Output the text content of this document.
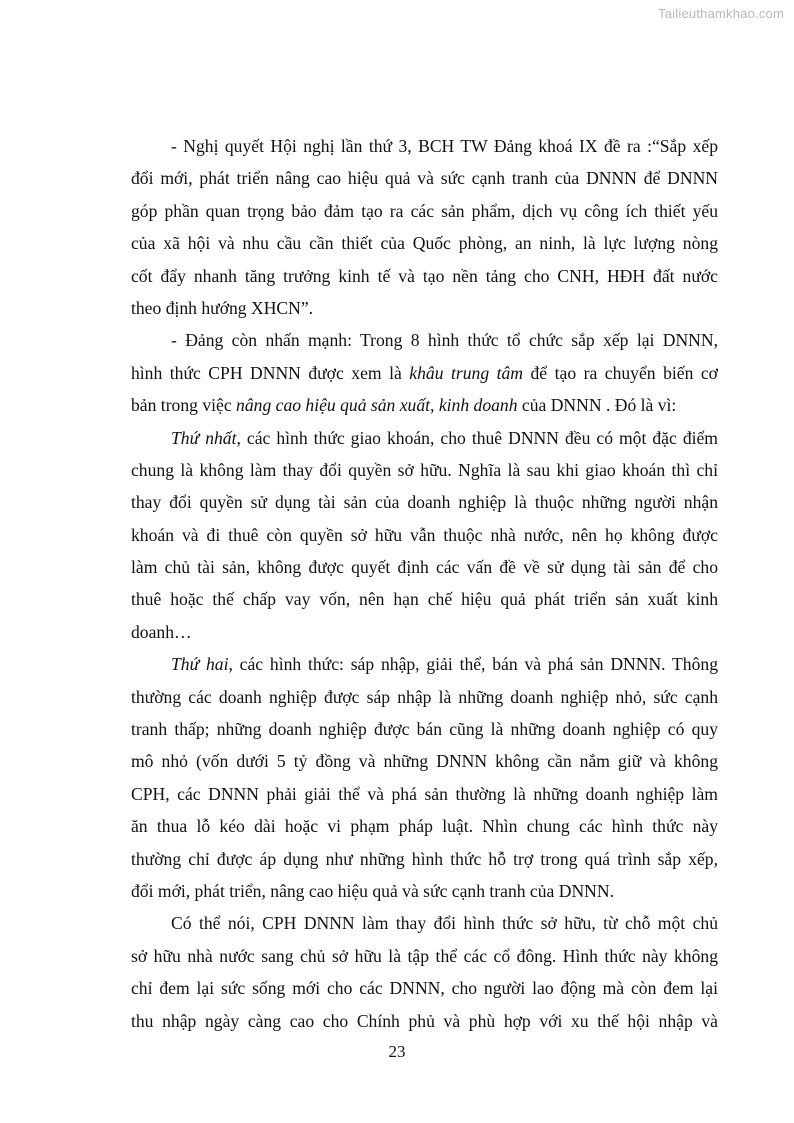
Tailieuthamkhao.com
- Nghị quyết Hội nghị lần thứ 3, BCH TW Đảng khoá IX đề ra :“Sắp xếp
đổi mới, phát triển nâng cao hiệu quả và sức cạnh tranh của DNNN để DNNN
góp phần quan trọng bảo đảm tạo ra các sản phẩm, dịch vụ công ích thiết yếu
của xã hội và nhu cầu cần thiết của Quốc phòng, an ninh, là lực lượng nòng
cốt đẩy nhanh tăng trưởng kinh tế và tạo nền tảng cho CNH, HĐH đất nước
theo định hướng XHCN”.
- Đảng còn nhấn mạnh: Trong 8 hình thức tổ chức sắp xếp lại DNNN,
hình thức CPH DNNN được xem là khâu trung tâm để tạo ra chuyển biến cơ
bản trong việc nâng cao hiệu quả sản xuất, kinh doanh của DNNN . Đó là vì:
Thứ nhất, các hình thức giao khoán, cho thuê DNNN đều có một đặc điểm
chung là không làm thay đổi quyền sở hữu. Nghĩa là sau khi giao khoán thì chỉ
thay đổi quyền sử dụng tài sản của doanh nghiệp là thuộc những người nhận
khoán và đi thuê còn quyền sở hữu vẫn thuộc nhà nước, nên họ không được
làm chủ tài sản, không được quyết định các vấn đề về sử dụng tài sản để cho
thuê hoặc thế chấp vay vốn, nên hạn chế hiệu quả phát triển sản xuất kinh
doanh…
Thứ hai, các hình thức: sáp nhập, giải thể, bán và phá sản DNNN. Thông
thường các doanh nghiệp được sáp nhập là những doanh nghiệp nhỏ, sức cạnh
tranh thấp; những doanh nghiệp được bán cũng là những doanh nghiệp có quy
mô nhỏ (vốn dưới 5 tỷ đồng và những DNNN không cần nắm giữ và không
CPH, các DNNN phải giải thể và phá sản thường là những doanh nghiệp làm
ăn thua lỗ kéo dài hoặc vi phạm pháp luật. Nhìn chung các hình thức này
thường chỉ được áp dụng như những hình thức hỗ trợ trong quá trình sắp xếp,
đổi mới, phát triển, nâng cao hiệu quả và sức cạnh tranh của DNNN.
Có thể nói, CPH DNNN làm thay đổi hình thức sở hữu, từ chỗ một chủ
sở hữu nhà nước sang chủ sở hữu là tập thể các cổ đông. Hình thức này không
chỉ đem lại sức sống mới cho các DNNN, cho người lao động mà còn đem lại
thu nhập ngày càng cao cho Chính phủ và phù hợp với xu thế hội nhập và
23
